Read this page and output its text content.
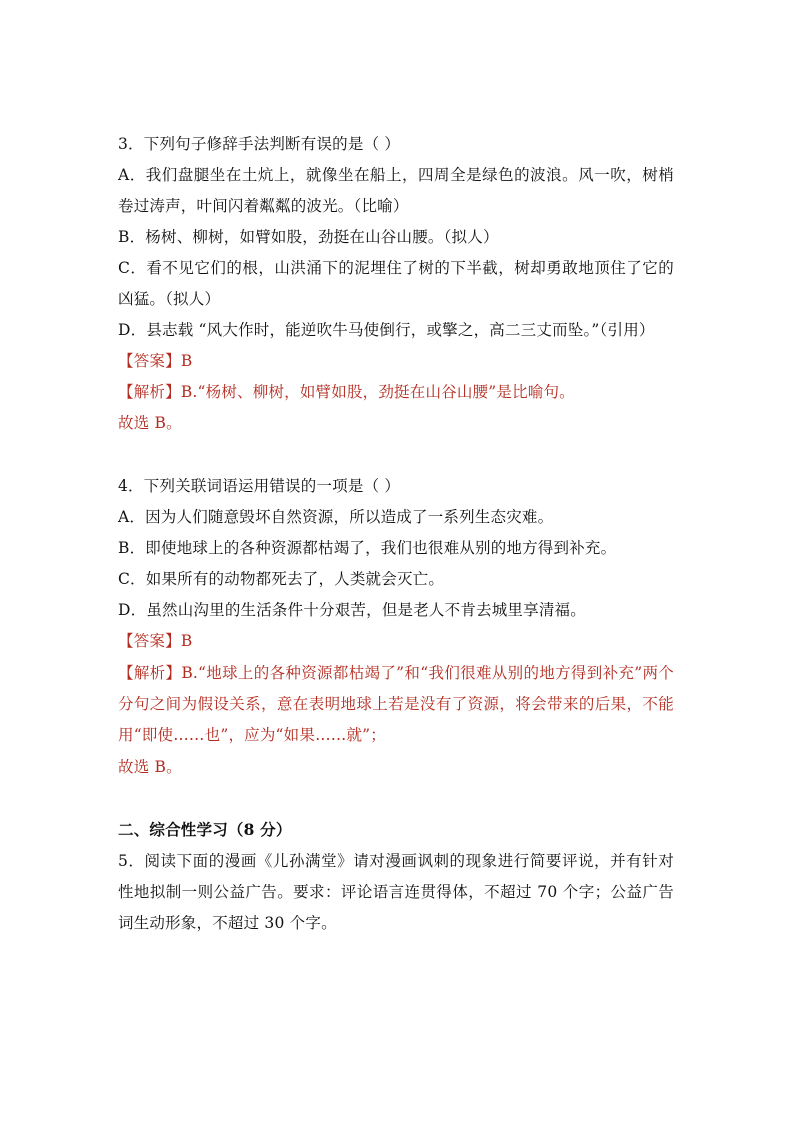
3．下列句子修辞手法判断有误的是（ ）
A．我们盘腿坐在土炕上，就像坐在船上，四周全是绿色的波浪。风一吹，树梢
卷过涛声，叶间闪着粼粼的波光。（比喻）
B．杨树、柳树，如臂如股，劲挺在山谷山腰。（拟人）
C．看不见它们的根，山洪涌下的泥埋住了树的下半截，树却勇敢地顶住了它的
凶猛。（拟人）
D．县志载 “风大作时，能逆吹牛马使倒行，或擎之，高二三丈而坠。”（引用）
【答案】B
【解析】B.“杨树、柳树，如臂如股，劲挺在山谷山腰”是比喻句。
故选 B。
4．下列关联词语运用错误的一项是（ ）
A．因为人们随意毁坏自然资源，所以造成了一系列生态灾难。
B．即使地球上的各种资源都枯竭了，我们也很难从别的地方得到补充。
C．如果所有的动物都死去了，人类就会灭亡。
D．虽然山沟里的生活条件十分艰苦，但是老人不肯去城里享清福。
【答案】B
【解析】B.“地球上的各种资源都枯竭了”和“我们很难从别的地方得到补充”两个
分句之间为假设关系，意在表明地球上若是没有了资源，将会带来的后果，不能
用“即使……也”，应为“如果……就”；
故选 B。
二、综合性学习（8 分）
5．阅读下面的漫画《儿孙满堂》请对漫画讽刺的现象进行简要评说，并有针对
性地拟制一则公益广告。要求：评论语言连贯得体，不超过 70 个字；公益广告
词生动形象，不超过 30 个字。
